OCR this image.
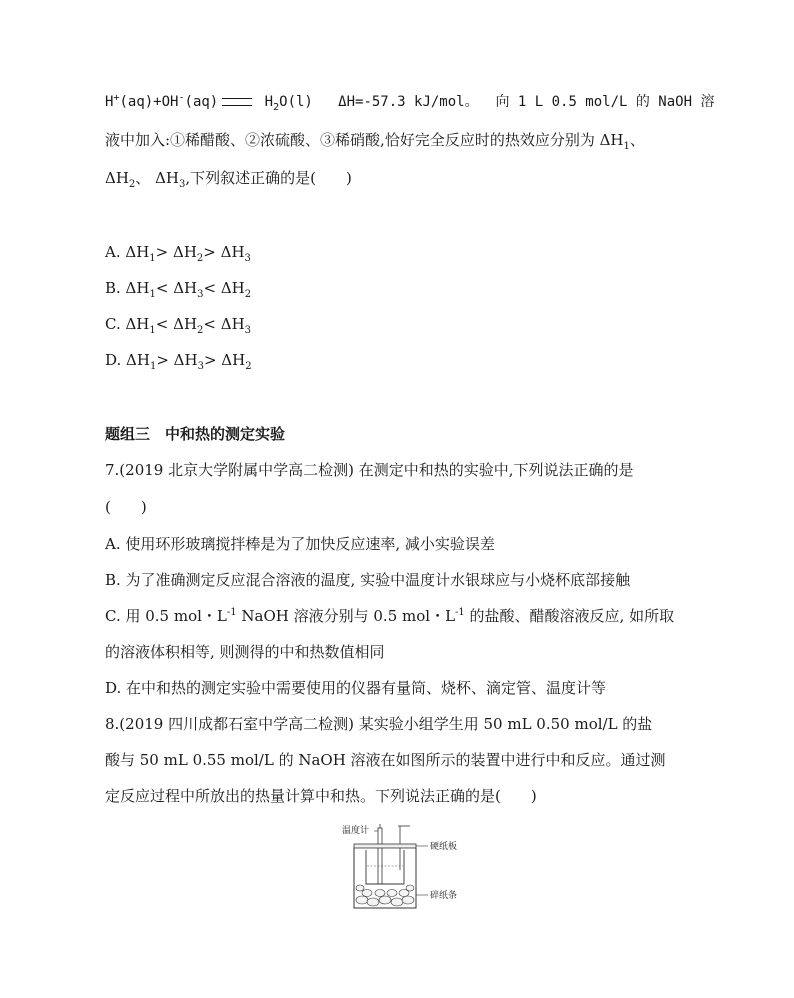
H+(aq)+OH-(aq)	$H_2O(l)$ ΔH=-57.3 kJ/mol。 向 1 L 0.5 mol/L 的 NaOH 溶
液中加入:①稀醋酸、②浓硫酸、③稀硝酸,恰好完全反应时的热效应分别为 $\Delta H_1$、
$\Delta H_2$、 $\Delta H_3$,下列叙述正确的是(　　)
A. $\Delta H_1> \Delta H_2> \Delta H_3$
B. $\Delta H_1< \Delta H_3< \Delta H_2$
C. $\Delta H_1< \Delta H_2< \Delta H_3$
D. $\Delta H_1> \Delta H_3> \Delta H_2$
题组三　中和热的测定实验
7.(2019 北京大学附属中学高二检测) 在测定中和热的实验中,下列说法正确的是
(　　)
A. 使用环形玻璃搅拌棒是为了加快反应速率, 减小实验误差
B. 为了准确测定反应混合溶液的温度, 实验中温度计水银球应与小烧杯底部接触
C. 用 0.5 mol・$L^{-1}$ NaOH 溶液分别与 0.5 mol・$L^{-1}$ 的盐酸、醋酸溶液反应, 如所取
的溶液体积相等, 则测得的中和热数值相同
D. 在中和热的测定实验中需要使用的仪器有量筒、烧杯、滴定管、温度计等
8.(2019 四川成都石室中学高二检测) 某实验小组学生用 50 mL 0.50 mol/L 的盐
酸与 50 mL 0.55 mol/L 的 NaOH 溶液在如图所示的装置中进行中和反应。通过测
定反应过程中所放出的热量计算中和热。下列说法正确的是(　　)
温度计
硬纸板
碎纸条
